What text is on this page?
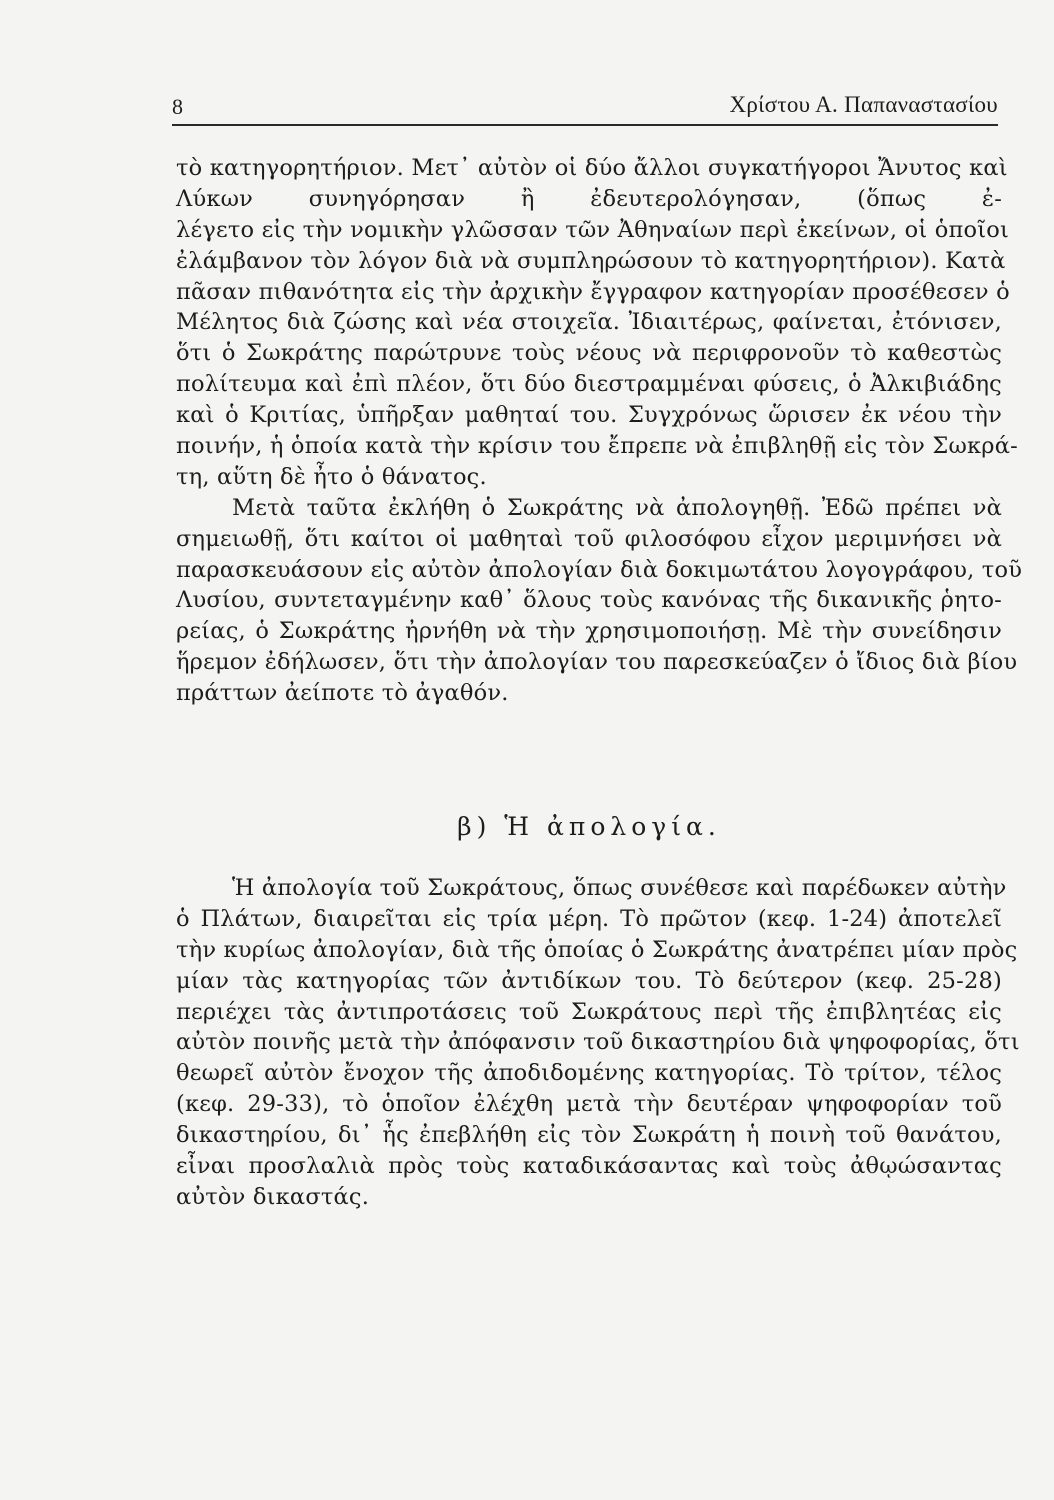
8	Χρίστου Α. Παπαναστασίου
τὸ κατηγορητήριον. Μετ᾽ αὐτὸν οἱ δύο ἄλλοι συγκατήγοροι Ἄνυτος καὶ
Λύκων συνηγόρησαν ἢ ἐδευτερολόγησαν, (ὅπως ἐ-
λέγετο εἰς τὴν νομικὴν γλῶσσαν τῶν Ἀθηναίων περὶ ἐκείνων, οἱ ὁποῖοι
ἐλάμβανον τὸν λόγον διὰ νὰ συμπληρώσουν τὸ κατηγορητήριον). Κατὰ
πᾶσαν πιθανότητα εἰς τὴν ἀρχικὴν ἔγγραφον κατηγορίαν προσέθεσεν ὁ
Μέλητος διὰ ζώσης καὶ νέα στοιχεῖα. Ἰδιαιτέρως, φαίνεται, ἐτόνισεν,
ὅτι ὁ Σωκράτης παρώτρυνε τοὺς νέους νὰ περιφρονοῦν τὸ καθεστὼς
πολίτευμα καὶ ἐπὶ πλέον, ὅτι δύο διεστραμμέναι φύσεις, ὁ Ἀλκιβιάδης
καὶ ὁ Κριτίας, ὑπῆρξαν μαθηταί του. Συγχρόνως ὥρισεν ἐκ νέου τὴν
ποινήν, ἡ ὁποία κατὰ τὴν κρίσιν του ἔπρεπε νὰ ἐπιβληθῇ εἰς τὸν Σωκρά-
τη, αὕτη δὲ ἦτο ὁ θάνατος.
Μετὰ ταῦτα ἐκλήθη ὁ Σωκράτης νὰ ἀπολογηθῇ. Ἐδῶ πρέπει νὰ
σημειωθῇ, ὅτι καίτοι οἱ μαθηταὶ τοῦ φιλοσόφου εἶχον μεριμνήσει νὰ
παρασκευάσουν εἰς αὐτὸν ἀπολογίαν διὰ δοκιμωτάτου λογογράφου, τοῦ
Λυσίου, συντεταγμένην καθ᾽ ὅλους τοὺς κανόνας τῆς δικανικῆς ῥητο-
ρείας, ὁ Σωκράτης ἠρνήθη νὰ τὴν χρησιμοποιήσῃ. Μὲ τὴν συνείδησιν
ἥρεμον ἐδήλωσεν, ὅτι τὴν ἀπολογίαν του παρεσκεύαζεν ὁ ἴδιος διὰ βίου
πράττων ἀείποτε τὸ ἀγαθόν.
β) Ἡ ἀπολογία.
Ἡ ἀπολογία τοῦ Σωκράτους, ὅπως συνέθεσε καὶ παρέδωκεν αὐτὴν
ὁ Πλάτων, διαιρεῖται εἰς τρία μέρη. Τὸ πρῶτον (κεφ. 1-24) ἀποτελεῖ
τὴν κυρίως ἀπολογίαν, διὰ τῆς ὁποίας ὁ Σωκράτης ἀνατρέπει μίαν πρὸς
μίαν τὰς κατηγορίας τῶν ἀντιδίκων του. Τὸ δεύτερον (κεφ. 25-28)
περιέχει τὰς ἀντιπροτάσεις τοῦ Σωκράτους περὶ τῆς ἐπιβλητέας εἰς
αὐτὸν ποινῆς μετὰ τὴν ἀπόφανσιν τοῦ δικαστηρίου διὰ ψηφοφορίας, ὅτι
θεωρεῖ αὐτὸν ἔνοχον τῆς ἀποδιδομένης κατηγορίας. Τὸ τρίτον, τέλος
(κεφ. 29-33), τὸ ὁποῖον ἐλέχθη μετὰ τὴν δευτέραν ψηφοφορίαν τοῦ
δικαστηρίου, δι᾽ ἧς ἐπεβλήθη εἰς τὸν Σωκράτη ἡ ποινὴ τοῦ θανάτου,
εἶναι προσλαλιὰ πρὸς τοὺς καταδικάσαντας καὶ τοὺς ἀθῳώσαντας
αὐτὸν δικαστάς.
